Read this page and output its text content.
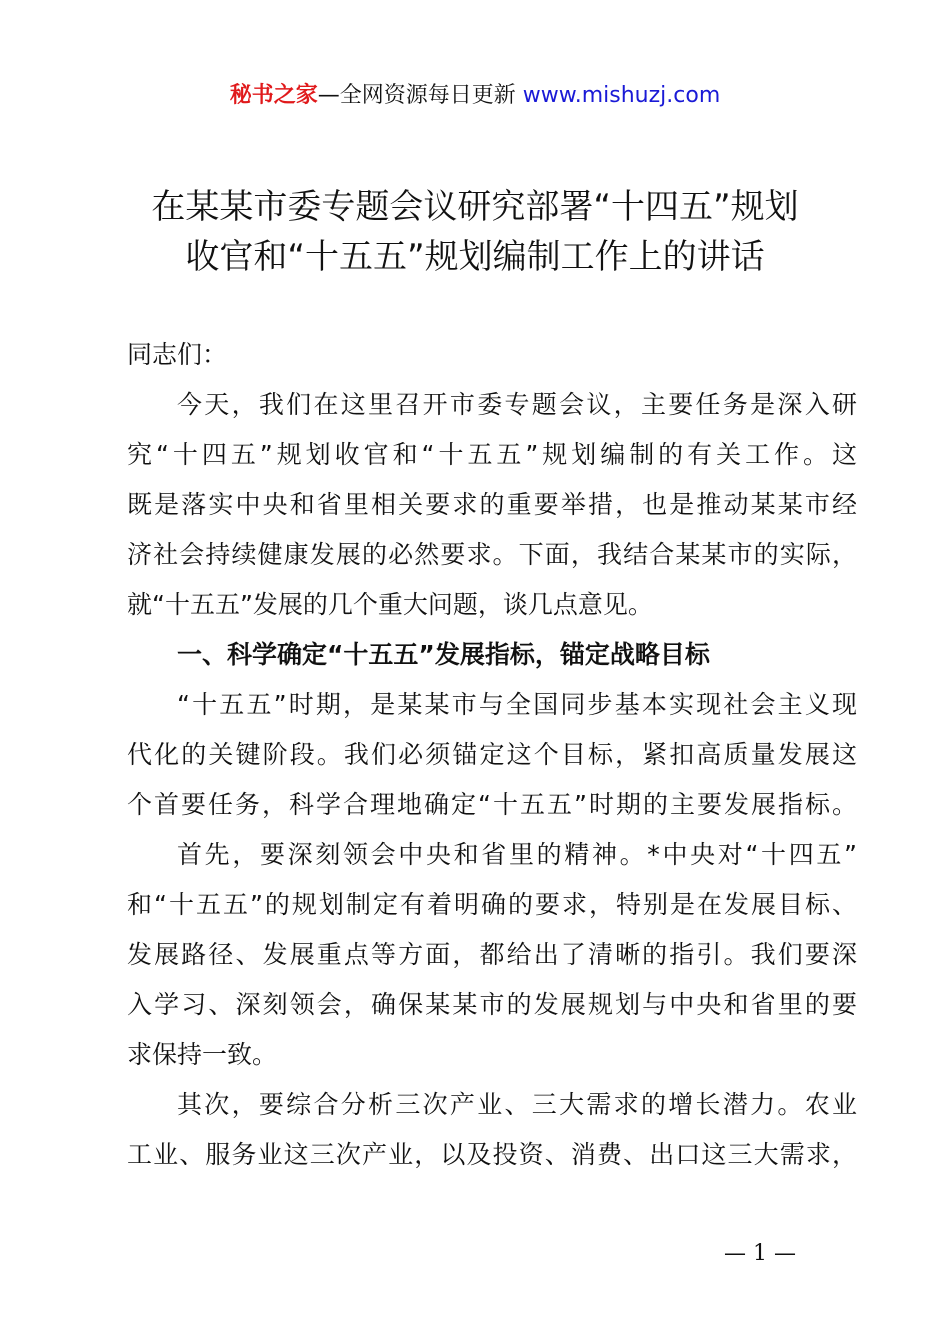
秘书之家—全网资源每日更新 www.mishuzj.com
在某某市委专题会议研究部署“十四五”规划
收官和“十五五”规划编制工作上的讲话
同志们：
今天，我们在这里召开市委专题会议，主要任务是深入研
究“十四五”规划收官和“十五五”规划编制的有关工作。这
既是落实中央和省里相关要求的重要举措，也是推动某某市经
济社会持续健康发展的必然要求。下面，我结合某某市的实际，
就“十五五”发展的几个重大问题，谈几点意见。
一、科学确定“十五五”发展指标，锚定战略目标
“十五五”时期，是某某市与全国同步基本实现社会主义现
代化的关键阶段。我们必须锚定这个目标，紧扣高质量发展这
个首要任务，科学合理地确定“十五五”时期的主要发展指标。
首先，要深刻领会中央和省里的精神。*中央对“十四五”
和“十五五”的规划制定有着明确的要求，特别是在发展目标、
发展路径、发展重点等方面，都给出了清晰的指引。我们要深
入学习、深刻领会，确保某某市的发展规划与中央和省里的要
求保持一致。
其次，要综合分析三次产业、三大需求的增长潜力。农业
工业、服务业这三次产业，以及投资、消费、出口这三大需求，
— 1 —
